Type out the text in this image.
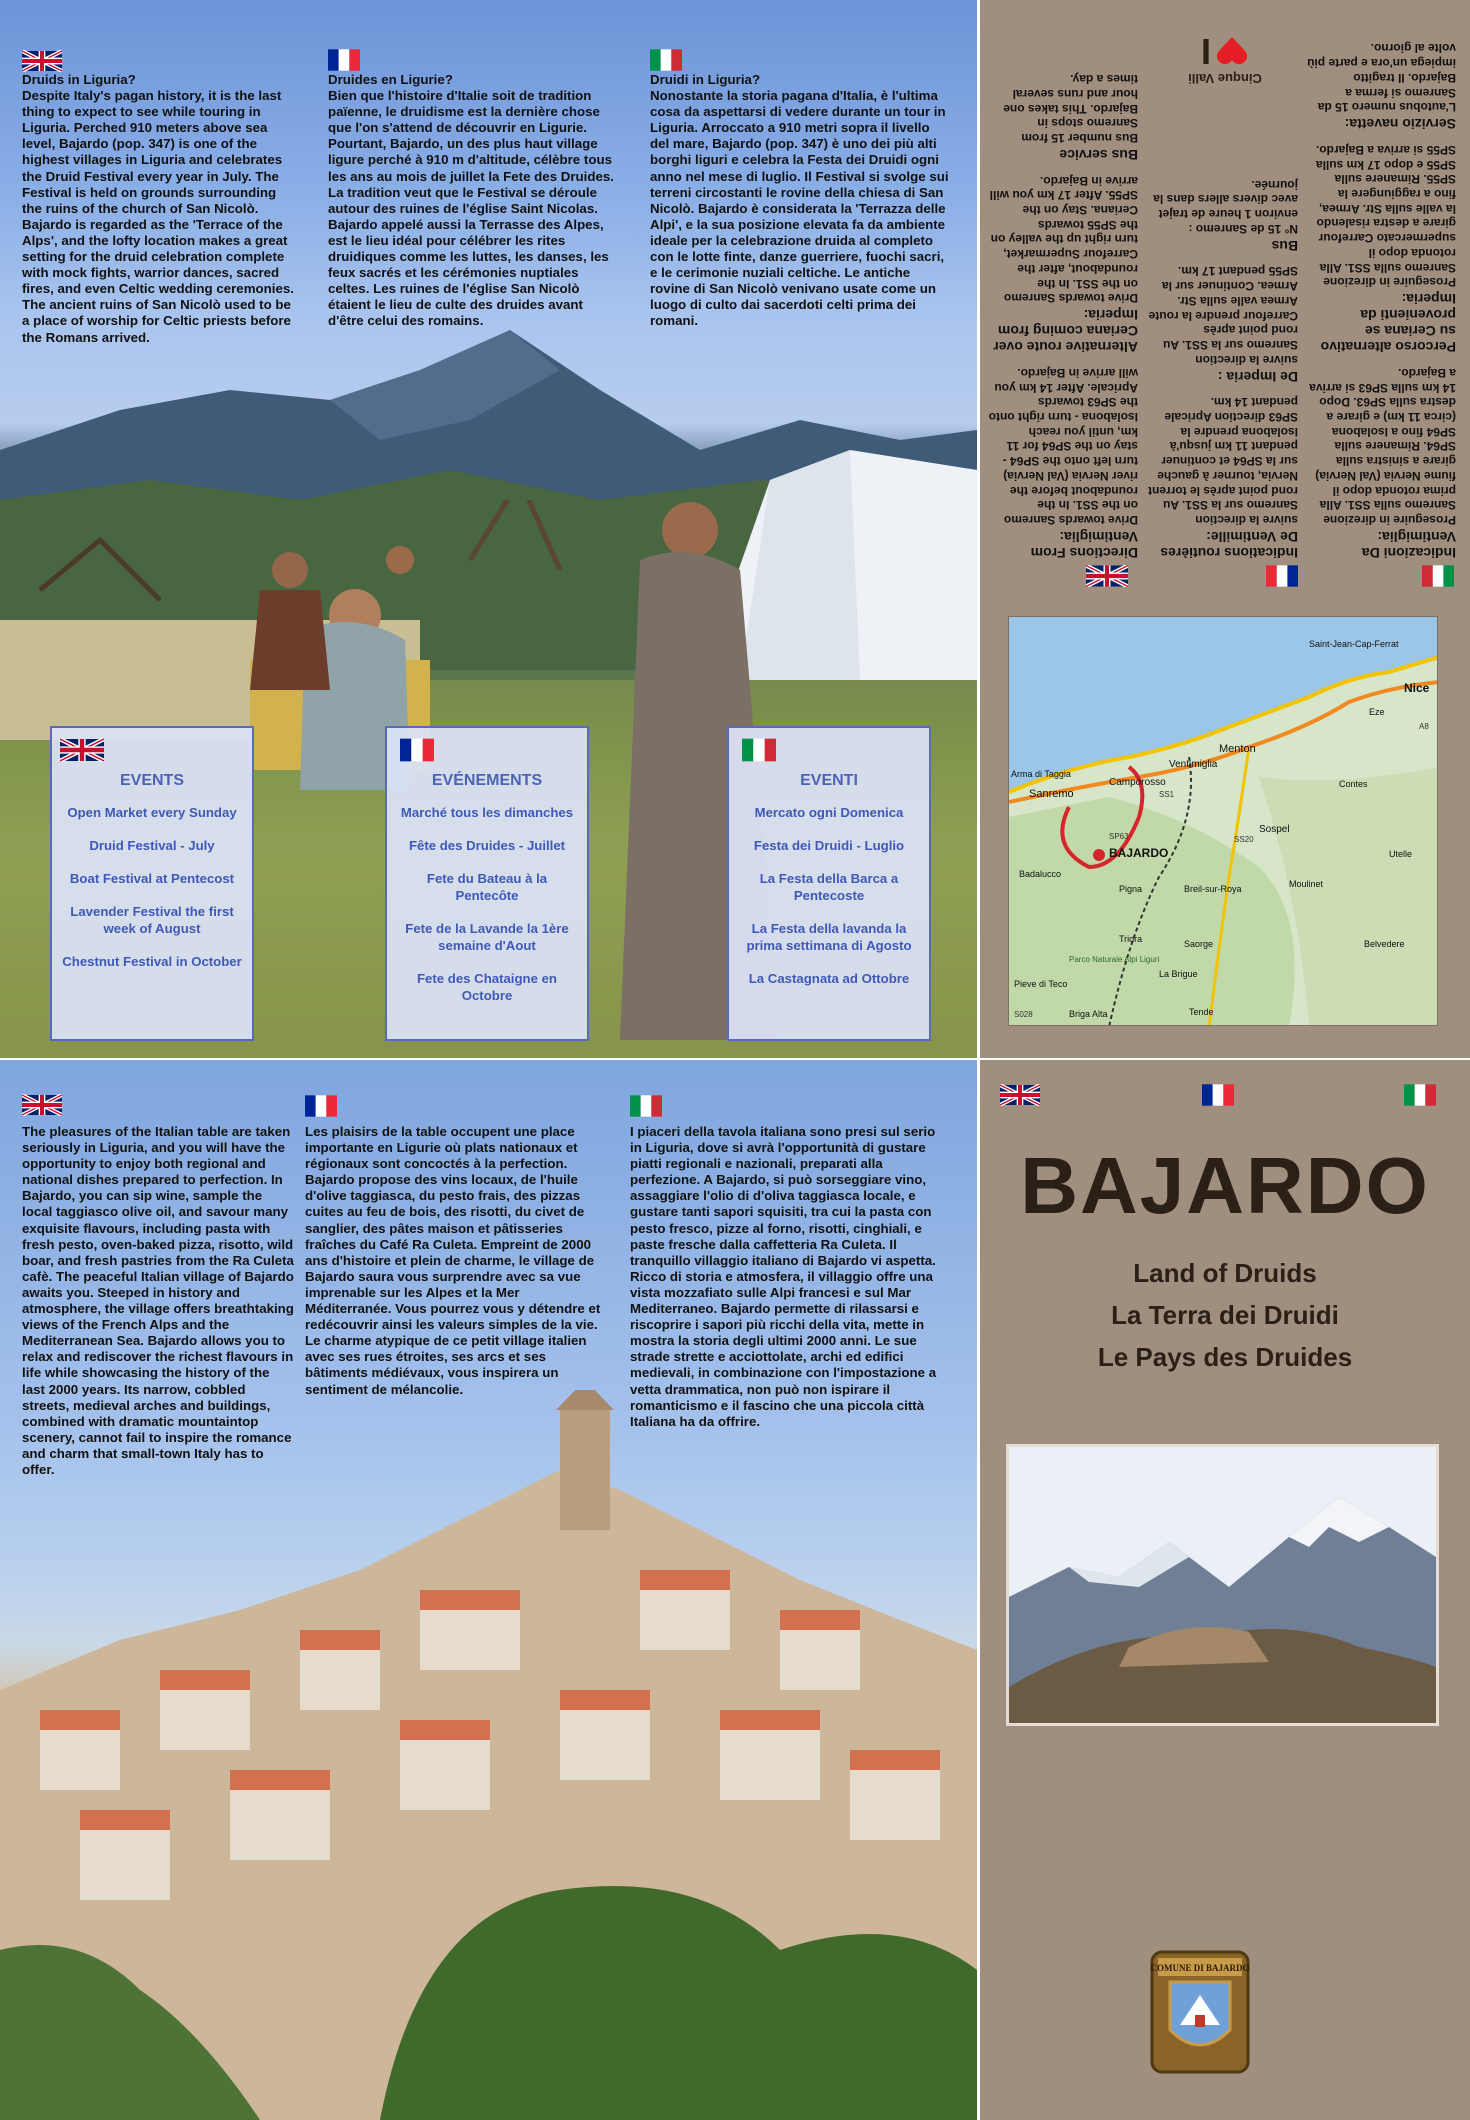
Druids in Liguria?

Despite Italy's pagan history, it is the last thing to expect to see while touring in Liguria. Perched 910 meters above sea level, Bajardo (pop. 347) is one of the highest villages in Liguria and celebrates the Druid Festival every year in July. The Festival is held on grounds surrounding the ruins of the church of San Nicolò. Bajardo is regarded as the 'Terrace of the Alps', and the lofty location makes a great setting for the druid celebration complete with mock fights, warrior dances, sacred fires, and even Celtic wedding ceremonies. The ancient ruins of San Nicolò used to be a place of worship for Celtic priests before the Romans arrived.

Druides en Ligurie?

Bien que l'histoire d'Italie soit de tradition païenne, le druidisme est la dernière chose que l'on s'attend de découvrir en Ligurie. Pourtant, Bajardo, un des plus haut village ligure perché à 910 m d'altitude, célèbre tous les ans au mois de juillet la Fete des Druides. La tradition veut que le Festival se déroule autour des ruines de l'église Saint Nicolas. Bajardo appelé aussi la Terrasse des Alpes, est le lieu idéal pour célébrer les rites druidiques comme les luttes, les danses, les feux sacrés et les cérémonies nuptiales celtes. Les ruines de l'église San Nicolò étaient le lieu de culte des druides avant d'être celui des romains.

Druidi in Liguria?

Nonostante la storia pagana d'Italia, è l'ultima cosa da aspettarsi di vedere durante un tour in Liguria. Arroccato a 910 metri sopra il livello del mare, Bajardo (pop. 347) è uno dei più alti borghi liguri e celebra la Festa dei Druidi ogni anno nel mese di luglio. Il Festival si svolge sui terreni circostanti le rovine della chiesa di San Nicolò. Bajardo è considerata la 'Terrazza delle Alpi', e la sua posizione elevata fa da ambiente ideale per la celebrazione druida al completo con le lotte finte, danze guerriere, fuochi sacri, e le cerimonie nuziali celtiche. Le antiche rovine di San Nicolò venivano usate come un luogo di culto dai sacerdoti celti prima dei romani.

EVENTS
Open Market every Sunday
Druid Festival - July
Boat Festival at Pentecost
Lavender Festival the first week of August
Chestnut Festival in October
EVÉNEMENTS
Marché tous les dimanches
Fête des Druides - Juillet
Fete du Bateau à la Pentecôte
Fete de la Lavande la 1ère semaine d'Aout
Fete des Chataigne en Octobre
EVENTI
Mercato ogni Domenica
Festa dei Druidi - Luglio
La Festa della Barca a Pentecoste
La Festa della lavanda la prima settimana di Agosto
La Castagnata ad Ottobre
Indicazioni Da Ventimiglia:
Proseguire in direzione Sanremo sulla SS1. Alla prima rotonda dopo il fiume Nervia (Val Nervia) girare a sinistra sulla SP64. Rimanere sulla SP64 fino a Isolabona (circa 11 km) e girare a destra sulla SP63. Dopo 14 km sulla SP63 si arriva a Bajardo.
Percorso alternativo su Ceriana se provenienti da Imperia:
Proseguire in direzione Sanremo sulla SS1. Alla rotonda dopo il supermercato Carrefour girare a destra risalendo la valle sulla Str. Armea, fino a raggiungere la SP55. Rimanere sulla SP55 e dopo 17 km sulla SP55 si arriva a Bajardo.
Servizio navetta:
L'autobus numero 15 da Sanremo si ferma a Bajardo. Il tragitto impiega un'ora e parte più volte al giorno.
Indications routières De Ventimille:
suivre la direction Sanremo sur la SS1. Au rond point après le torrent Nervia, tourner à gauche sur la SP64 et continuer pendant 11 km jusqu'à Isolabona prendre la SP63 direction Apricale pendant 14 km.
De Imperia :
suivre la direction Sanremo sur la SS1. Au rond point après Carrefour prendre la route Armea valle sulla Str. Armea. Continuer sur la SP55 pendant 17 km.
Bus
N° 15 de Sanremo : environ 1 heure de trajet avec divers allers dans la journée.
Directions From Ventimiglia:
Drive towards Sanremo on the SS1. In the roundabout before the river Nervia (Val Nervia) turn left onto the SP64 - stay on the SP64 for 11 km, until you reach Isolabona - turn right onto the SP63 towards Apricale. After 14 km you will arrive in Bajardo.
Alternative route over Ceriana coming from Imperia:
Drive towards Sanremo on the SS1. In the roundabout, after the Carrefour Supermarket, turn right up the valley on the SP55 towards Ceriana. Stay on the SP55. After 17 km you will arrive in Bajardo.
Bus service
Bus number 15 from Sanremo stops in Bajardo. This takes one hour and runs several times a day.	Cinque Valli
I
BAJARDO
Nice
Menton
Ventimiglia
Camporosso
Sanremo
Arma di Taggia
Badalucco
Pigna
Sospel
Breil-sur-Roya
Saorge
Moulinet
Triora
Contes
Eze
Saint-Jean-Cap-Ferrat
Tende
La Brigue
Belvedere
Utelle
Pieve di Teco
Briga Alta
Parco Naturale Alpi Liguri
A8
SS1
SS20
SP63
S028
The pleasures of the Italian table are taken seriously in Liguria, and you will have the opportunity to enjoy both regional and national dishes prepared to perfection. In Bajardo, you can sip wine, sample the local taggiasco olive oil, and savour many exquisite flavours, including pasta with fresh pesto, oven-baked pizza, risotto, wild boar, and fresh pastries from the Ra Culeta cafè. The peaceful Italian village of Bajardo awaits you. Steeped in history and atmosphere, the village offers breathtaking views of the French Alps and the Mediterranean Sea. Bajardo allows you to relax and rediscover the richest flavours in life while showcasing the history of the last 2000 years. Its narrow, cobbled streets, medieval arches and buildings, combined with dramatic mountaintop scenery, cannot fail to inspire the romance and charm that small-town Italy has to offer.
Les plaisirs de la table occupent une place importante en Ligurie où plats nationaux et régionaux sont concoctés à la perfection. Bajardo propose des vins locaux, de l'huile d'olive taggiasca, du pesto frais, des pizzas cuites au feu de bois, des risotti, du civet de sanglier, des pâtes maison et pâtisseries fraîches du Café Ra Culeta. Empreint de 2000 ans d'histoire et plein de charme, le village de Bajardo saura vous surprendre avec sa vue imprenable sur les Alpes et la Mer Méditerranée. Vous pourrez vous y détendre et redécouvrir ainsi les valeurs simples de la vie. Le charme atypique de ce petit village italien avec ses rues étroites, ses arcs et ses bâtiments médiévaux, vous inspirera un sentiment de mélancolie.
I piaceri della tavola italiana sono presi sul serio in Liguria, dove si avrà l'opportunità di gustare piatti regionali e nazionali, preparati alla perfezione. A Bajardo, si può sorseggiare vino, assaggiare l'olio di d'oliva taggiasca locale, e gustare tanti sapori squisiti, tra cui la pasta con pesto fresco, pizze al forno, risotti, cinghiali, e paste fresche dalla caffetteria Ra Culeta. Il tranquillo villaggio italiano di Bajardo vi aspetta. Ricco di storia e atmosfera, il villaggio offre una vista mozzafiato sulle Alpi francesi e sul Mar Mediterraneo. Bajardo permette di rilassarsi e riscoprire i sapori più ricchi della vita, mette in mostra la storia degli ultimi 2000 anni. Le sue strade strette e acciottolate, archi ed edifici medievali, in combinazione con l'impostazione a vetta drammatica, non può non ispirare il romanticismo e il fascino che una piccola città Italiana ha da offrire.
BAJARDO
Land of Druids
La Terra dei Druidi
Le Pays des Druides
COMUNE DI BAJARDO
